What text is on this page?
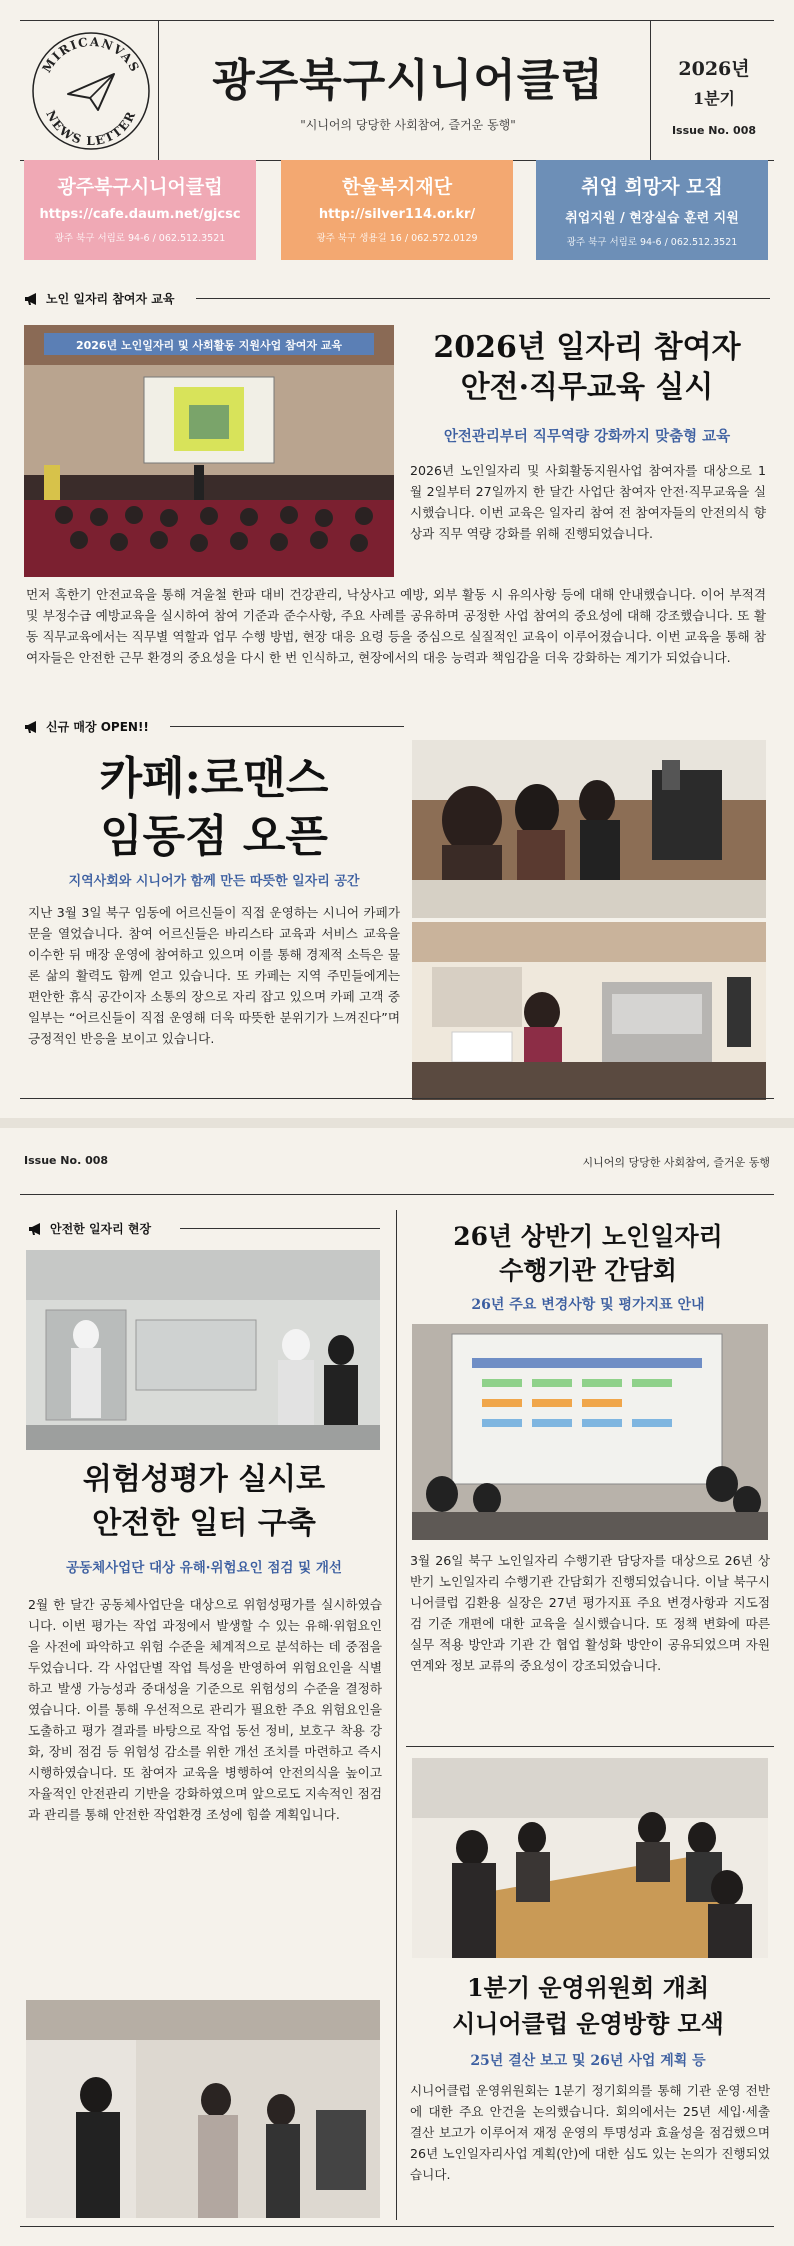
MIRICANVAS
NEWS LETTER
광주북구시니어클럽
"시니어의 당당한 사회참여, 즐거운 동행"
2026년
1분기
Issue No. 008
광주북구시니어클럽
https://cafe.daum.net/gjcsc
광주 북구 서림로 94-6 / 062.512.3521
한울복지재단
http://silver114.or.kr/
광주 북구 생용길 16 / 062.572.0129
취업 희망자 모집
취업지원 / 현장실습 훈련 지원
광주 북구 서림로 94-6 / 062.512.3521
노인 일자리 참여자 교육
2026년 노인일자리 및 사회활동 지원사업 참여자 교육	2026년 일자리 참여자
안전·직무교육 실시
안전관리부터 직무역량 강화까지 맞춤형 교육
2026년 노인일자리 및 사회활동지원사업 참여자를 대상으로 1월 2일부터 27일까지 한 달간 사업단 참여자 안전·직무교육을 실시했습니다. 이번 교육은 일자리 참여 전 참여자들의 안전의식 향상과 직무 역량 강화를 위해 진행되었습니다.
먼저 혹한기 안전교육을 통해 겨울철 한파 대비 건강관리, 낙상사고 예방, 외부 활동 시 유의사항 등에 대해 안내했습니다. 이어 부적격 및 부정수급 예방교육을 실시하여 참여 기준과 준수사항, 주요 사례를 공유하며 공정한 사업 참여의 중요성에 대해 강조했습니다. 또 활동 직무교육에서는 직무별 역할과 업무 수행 방법, 현장 대응 요령 등을 중심으로 실질적인 교육이 이루어졌습니다. 이번 교육을 통해 참여자들은 안전한 근무 환경의 중요성을 다시 한 번 인식하고, 현장에서의 대응 능력과 책임감을 더욱 강화하는 계기가 되었습니다.
신규 매장 OPEN!!
카페:로맨스
임동점 오픈
지역사회와 시니어가 함께 만든 따뜻한 일자리 공간
지난 3월 3일 북구 임동에 어르신들이 직접 운영하는 시니어 카페가 문을 열었습니다. 참여 어르신들은 바리스타 교육과 서비스 교육을 이수한 뒤 매장 운영에 참여하고 있으며 이를 통해 경제적 소득은 물론 삶의 활력도 함께 얻고 있습니다. 또 카페는 지역 주민들에게는 편안한 휴식 공간이자 소통의 장으로 자리 잡고 있으며 카페 고객 중 일부는 “어르신들이 직접 운영해 더욱 따뜻한 분위기가 느껴진다”며 긍정적인 반응을 보이고 있습니다.
Issue No. 008	시니어의 당당한 사회참여, 즐거운 동행
안전한 일자리 현장
위험성평가 실시로
안전한 일터 구축
공동체사업단 대상 유해·위험요인 점검 및 개선
2월 한 달간 공동체사업단을 대상으로 위험성평가를 실시하였습니다. 이번 평가는 작업 과정에서 발생할 수 있는 유해·위험요인을 사전에 파악하고 위험 수준을 체계적으로 분석하는 데 중점을 두었습니다. 각 사업단별 작업 특성을 반영하여 위험요인을 식별하고 발생 가능성과 중대성을 기준으로 위험성의 수준을 결정하였습니다. 이를 통해 우선적으로 관리가 필요한 주요 위험요인을 도출하고 평가 결과를 바탕으로 작업 동선 정비, 보호구 착용 강화, 장비 점검 등 위험성 감소를 위한 개선 조치를 마련하고 즉시 시행하였습니다. 또 참여자 교육을 병행하여 안전의식을 높이고 자율적인 안전관리 기반을 강화하였으며 앞으로도 지속적인 점검과 관리를 통해 안전한 작업환경 조성에 힘쓸 계획입니다.
26년 상반기 노인일자리
수행기관 간담회
26년 주요 변경사항 및 평가지표 안내
3월 26일 북구 노인일자리 수행기관 담당자를 대상으로 26년 상반기 노인일자리 수행기관 간담회가 진행되었습니다. 이날 북구시니어클럽 김환용 실장은 27년 평가지표 주요 변경사항과 지도점검 기준 개편에 대한 교육을 실시했습니다. 또 정책 변화에 따른 실무 적용 방안과 기관 간 협업 활성화 방안이 공유되었으며 자원 연계와 정보 교류의 중요성이 강조되었습니다.
1분기 운영위원회 개최
시니어클럽 운영방향 모색
25년 결산 보고 및 26년 사업 계획 등
시니어클럽 운영위원회는 1분기 정기회의를 통해 기관 운영 전반에 대한 주요 안건을 논의했습니다. 회의에서는 25년 세입·세출 결산 보고가 이루어져 재정 운영의 투명성과 효율성을 점검했으며 26년 노인일자리사업 계획(안)에 대한 심도 있는 논의가 진행되었습니다.
